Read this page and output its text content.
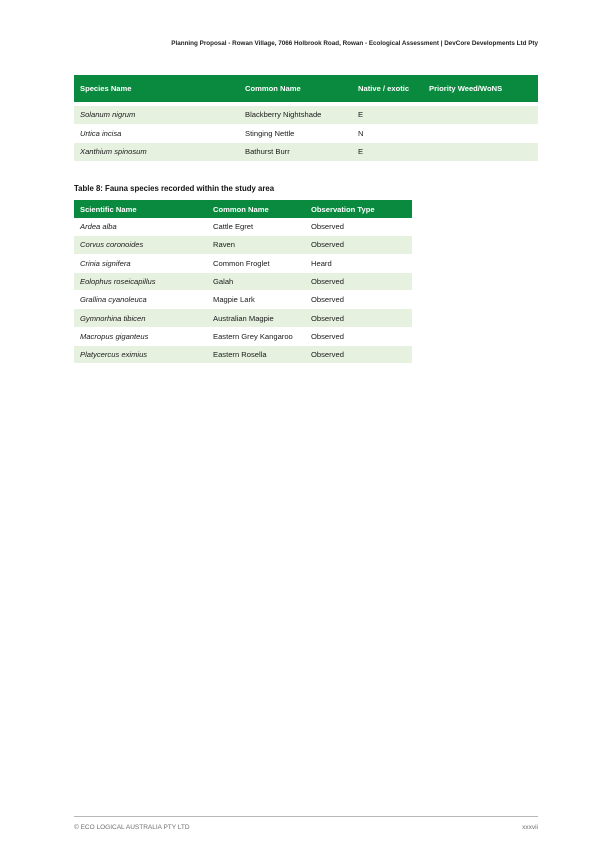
Planning Proposal - Rowan Village, 7066 Holbrook Road, Rowan - Ecological Assessment | DevCore Developments Ltd Pty
Species Name	Common Name	Native / exotic	Priority Weed/WoNS

Solanum nigrum	Blackberry Nightshade	E	
Urtica incisa	Stinging Nettle	N	
Xanthium spinosum	Bathurst Burr	E	
Table 8: Fauna species recorded within the study area
Scientific Name	Common Name	Observation Type
Ardea alba	Cattle Egret	Observed
Corvus coronoides	Raven	Observed
Crinia signifera	Common Froglet	Heard
Eolophus roseicapillus	Galah	Observed
Grallina cyanoleuca	Magpie Lark	Observed
Gymnorhina tibicen	Australian Magpie	Observed
Macropus giganteus	Eastern Grey Kangaroo	Observed
Platycercus eximius	Eastern Rosella	Observed
© ECO LOGICAL AUSTRALIA PTY LTD	xxxvii
